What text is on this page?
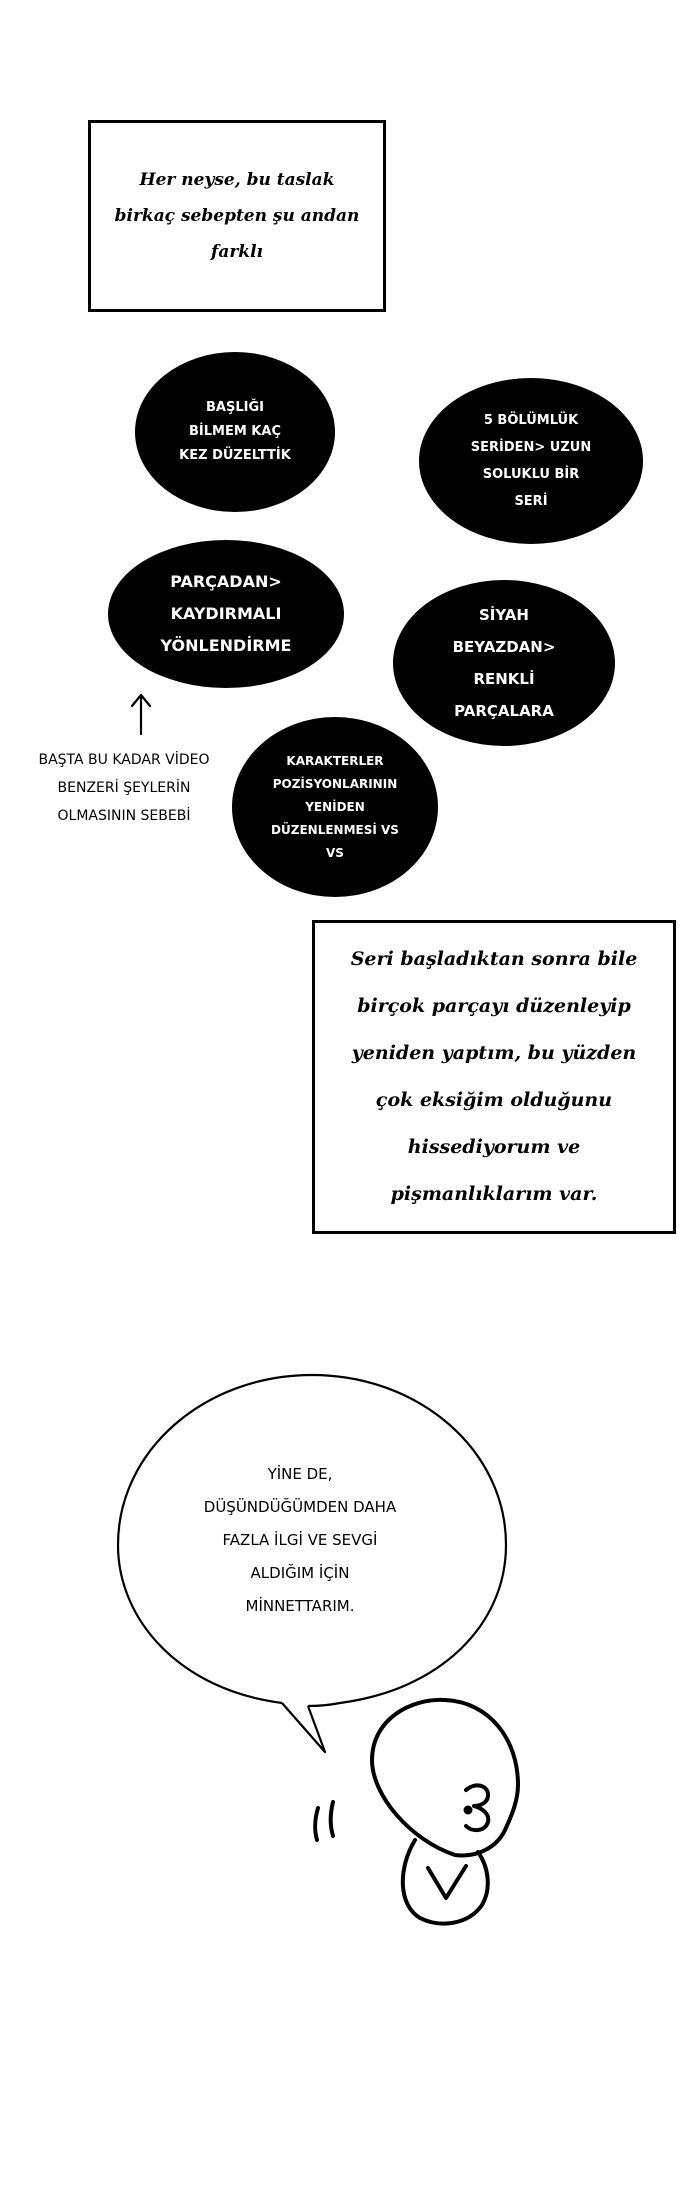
Her neyse, bu taslak birkaç sebepten şu andan farklı
BAŞLIĞI
BİLMEM KAÇ
KEZ DÜZELTTİK
5 BÖLÜMLÜK
SERİDEN> UZUN
SOLUKLU BİR
SERİ
PARÇADAN>
KAYDIRMALI
YÖNLENDİRME
SİYAH
BEYAZDAN>
RENKLİ
PARÇALARA
KARAKTERLER
POZİSYONLARININ
YENİDEN
DÜZENLENMESİ VS
VS
BAŞTA BU KADAR VİDEO
BENZERİ ŞEYLERİN
OLMASININ SEBEBİ
Seri başladıktan sonra bile birçok parçayı düzenleyip yeniden yaptım, bu yüzden çok eksiğim olduğunu hissediyorum ve pişmanlıklarım var.
YİNE DE,
DÜŞÜNDÜĞÜMDEN DAHA
FAZLA İLGİ VE SEVGİ
ALDIĞIM İÇİN
MİNNETTARIM.
